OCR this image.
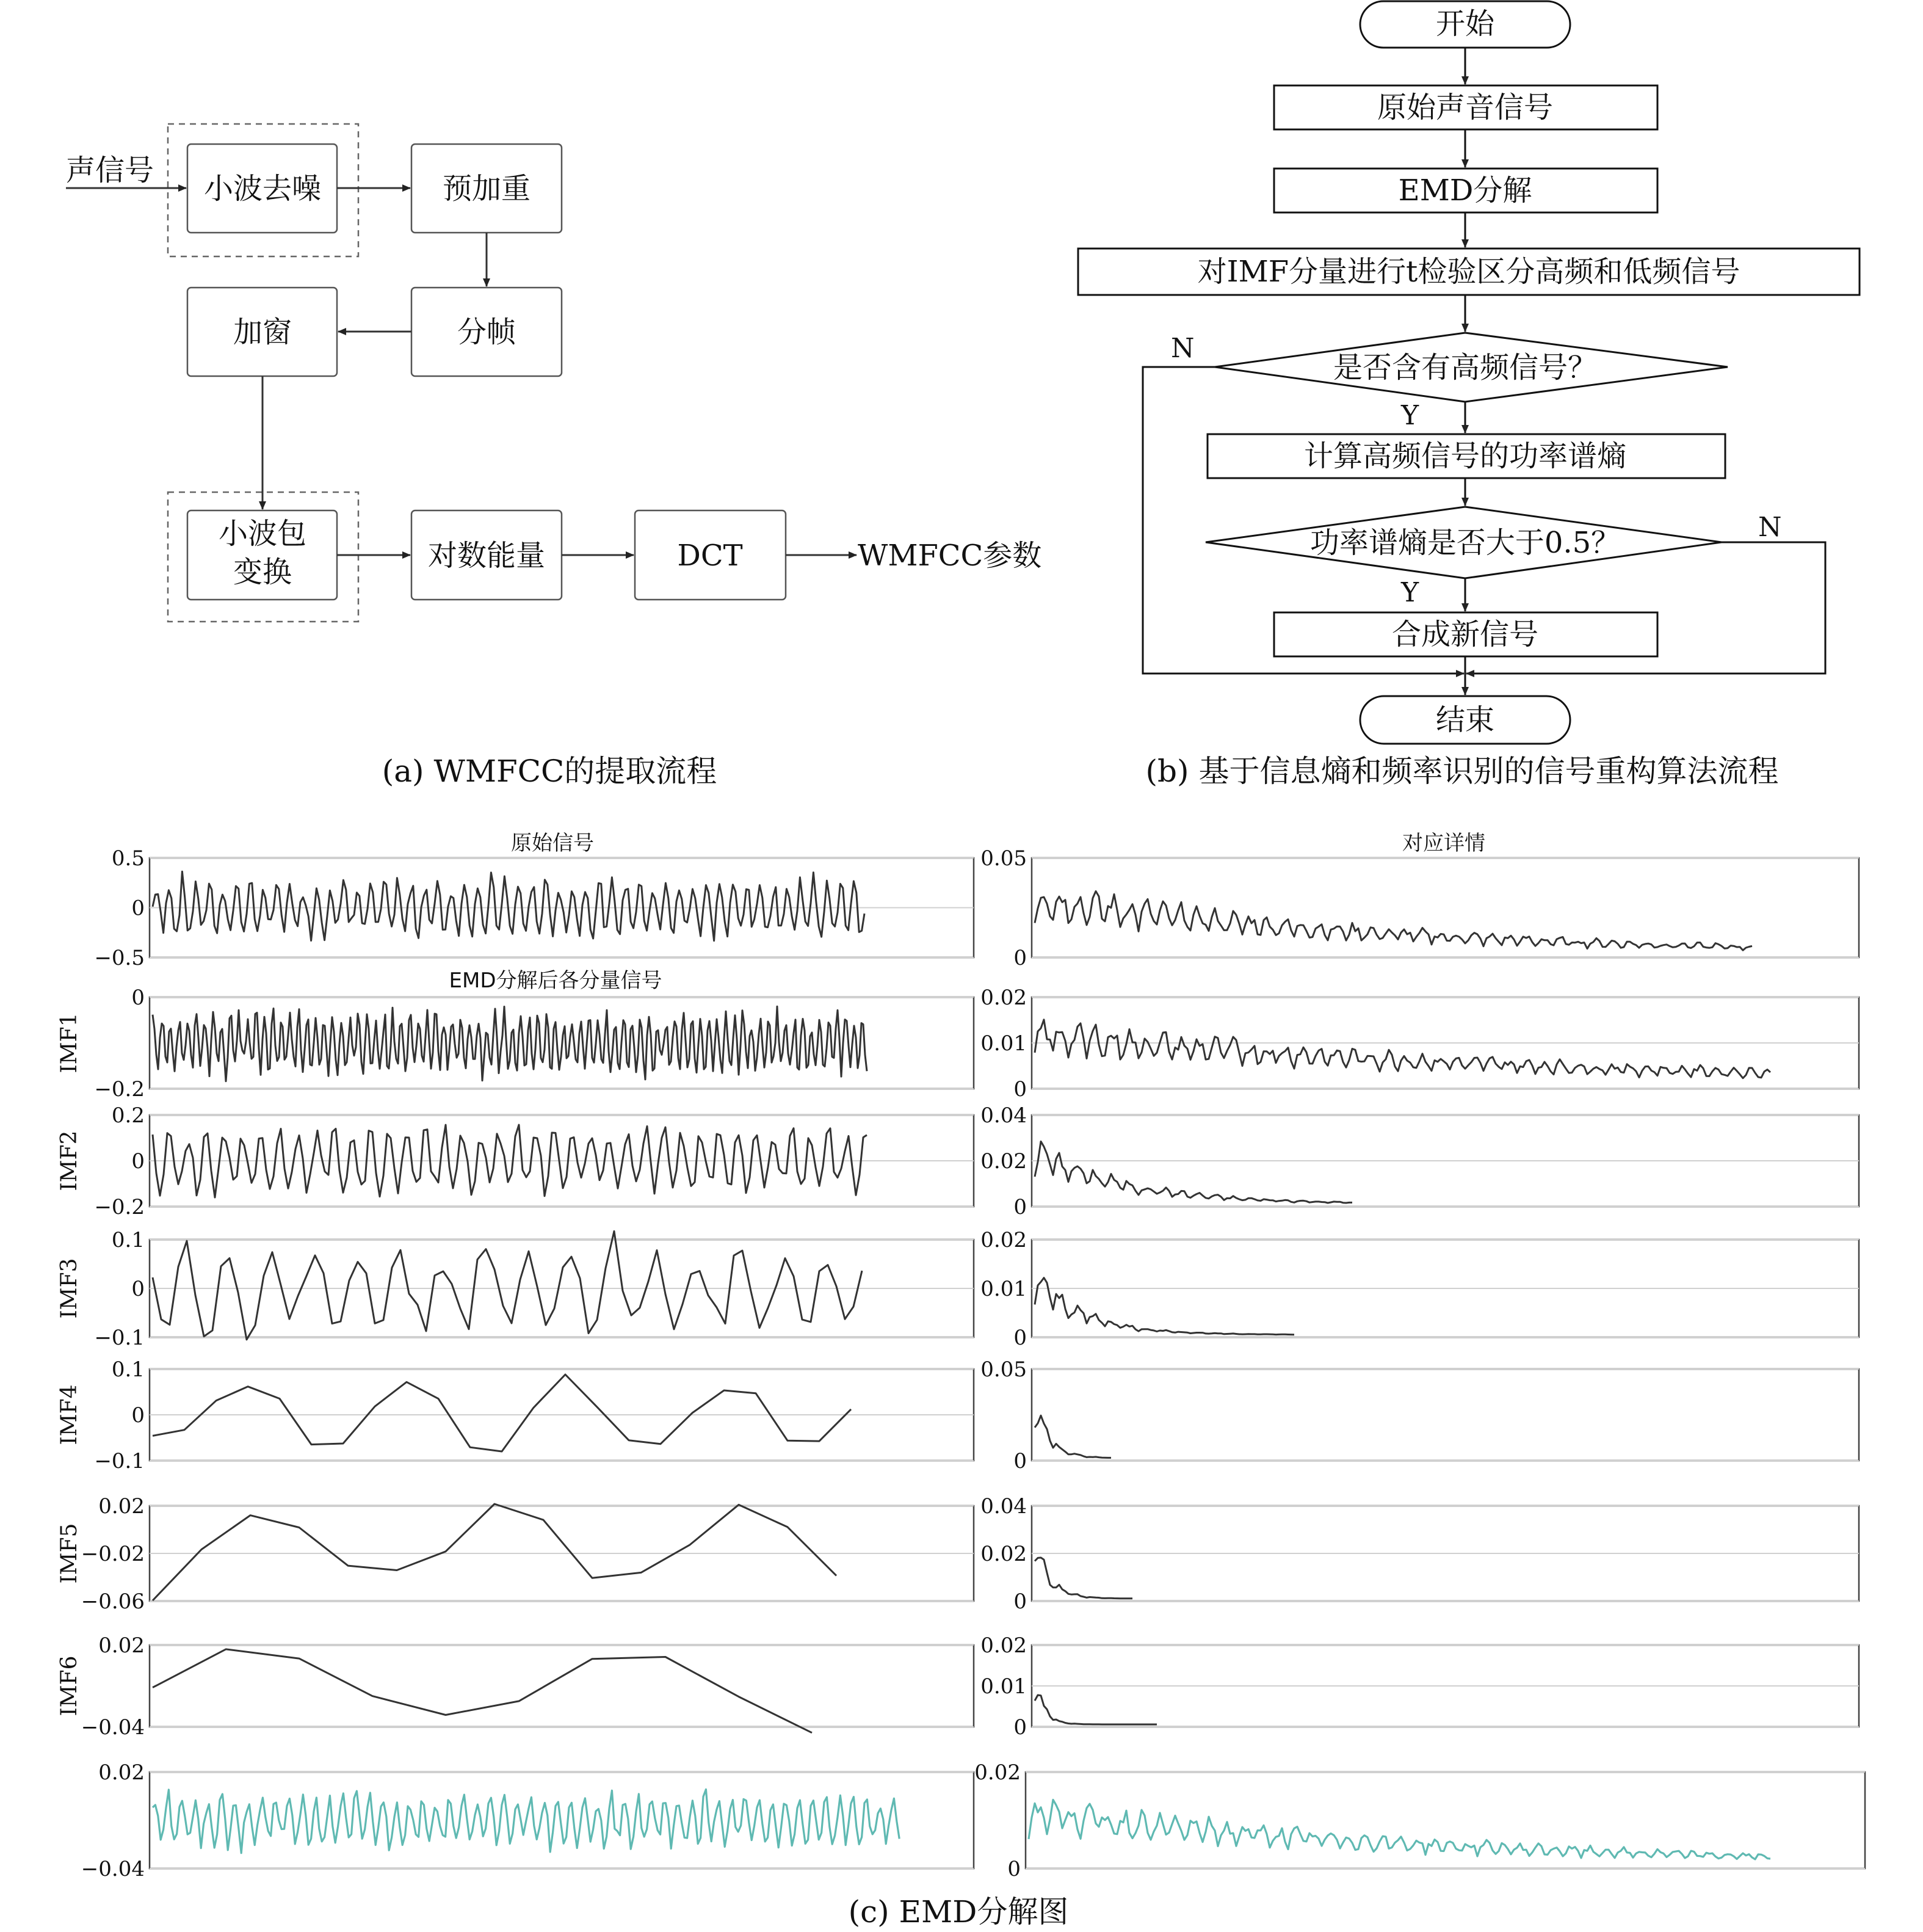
声信号
小波去噪	预加重
分帧
加窗
小波包
变换	对数能量	DCT	WMFCC参数
(a) WMFCC的提取流程
开始
原始声音信号
EMD分解
对IMF分量进行t检验区分高频和低频信号
是否含有高频信号？
计算高频信号的功率谱熵
功率谱熵是否大于0.5？
合成新信号
结束
N
N
Y
Y
(b) 基于信息熵和频率识别的信号重构算法流程
原始信号	对应详情
EMD分解后各分量信号
(c) EMD分解图
0.5
0
−0.5
0.05
0
0
−0.2
0.02
0.01
0
IMF1
0.2
0
−0.2
0.04
0.02
0
IMF2
0.1
0
−0.1
0.02
0.01
0
IMF3
0.1
0
−0.1
0.05
0
IMF4
0.02
−0.02
−0.06
0.04
0.02
0
IMF5
0.02
−0.04
0.02
0.01
0
IMF6
0.02
−0.04
0.02
0
